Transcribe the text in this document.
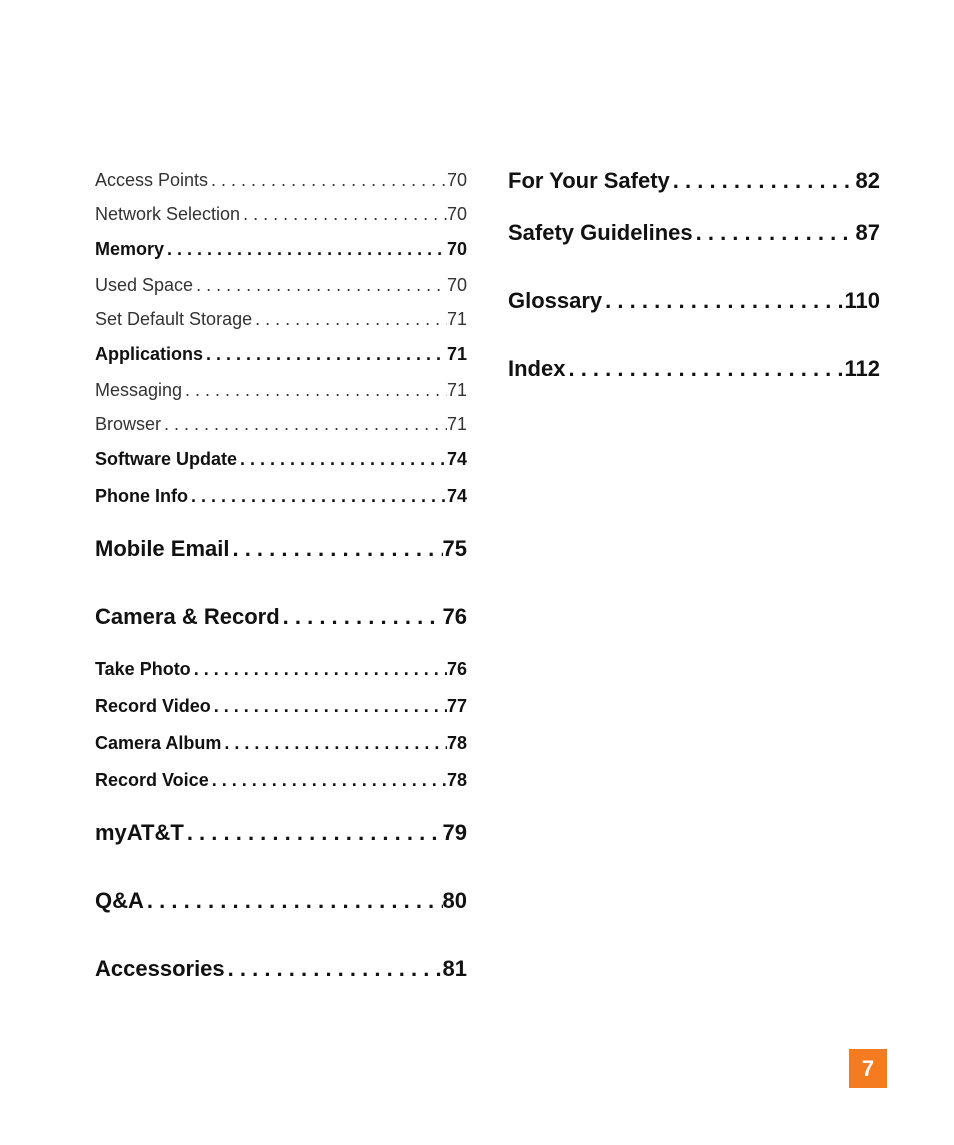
Access Points . . .	70
Network Selection . . .	70
Memory . . .	70
Used Space . . .	70
Set Default Storage . . .	71
Applications . . .	71
Messaging . . .	71
Browser . . .	71
Software Update . . .	74
Phone Info . . .	74
Mobile Email . . .	75
Camera & Record . . .	76
Take Photo . . .	76
Record Video . . .	77
Camera Album . . .	78
Record Voice . . .	78
myAT&T . . .	79
Q&A . . .	80
Accessories . . .	81
For Your Safety . . .	82
Safety Guidelines . . .	87
Glossary . . .	110
Index . . .	112
7
